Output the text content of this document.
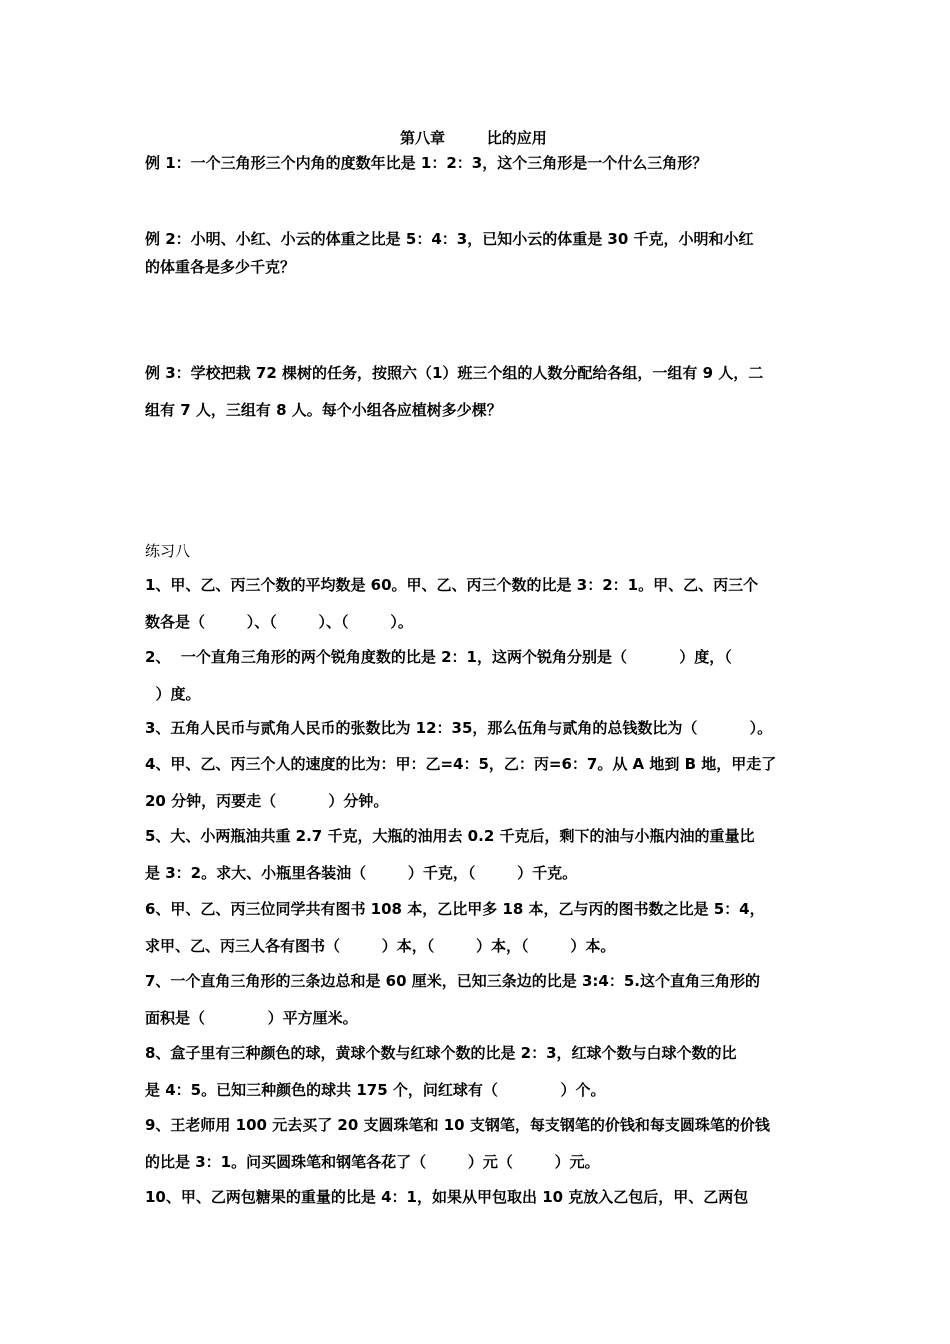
第八章        比的应用
例 1：一个三角形三个内角的度数年比是 1：2：3，这个三角形是一个什么三角形？
例 2：小明、小红、小云的体重之比是 5：4：3，已知小云的体重是 30 千克，小明和小红
的体重各是多少千克？
例 3：学校把栽 72 棵树的任务，按照六（1）班三个组的人数分配给各组，一组有 9 人，二
组有 7 人，三组有 8 人。每个小组各应植树多少棵？
练习八
1、甲、乙、丙三个数的平均数是 60。甲、乙、丙三个数的比是 3：2：1。甲、乙、丙三个
数各是（        ）、（        ）、（        ）。
2、  一个直角三角形的两个锐角度数的比是 2：1，这两个锐角分别是（          ）度，（
）度。
3、五角人民币与贰角人民币的张数比为 12：35，那么伍角与贰角的总钱数比为（          ）。
4、甲、乙、丙三个人的速度的比为：甲：乙=4：5，乙：丙=6：7。从 A 地到 B 地，甲走了
20 分钟，丙要走（          ）分钟。
5、大、小两瓶油共重 2.7 千克，大瓶的油用去 0.2 千克后，剩下的油与小瓶内油的重量比
是 3：2。求大、小瓶里各装油（        ）千克，（        ）千克。
6、甲、乙、丙三位同学共有图书 108 本，乙比甲多 18 本，乙与丙的图书数之比是 5：4，
求甲、乙、丙三人各有图书（        ）本，（        ）本，（        ）本。
7、一个直角三角形的三条边总和是 60 厘米，已知三条边的比是 3:4：5.这个直角三角形的
面积是（            ）平方厘米。
8、盒子里有三种颜色的球，黄球个数与红球个数的比是 2：3，红球个数与白球个数的比
是 4：5。已知三种颜色的球共 175 个，问红球有（            ）个。
9、王老师用 100 元去买了 20 支圆珠笔和 10 支钢笔，每支钢笔的价钱和每支圆珠笔的价钱
的比是 3：1。问买圆珠笔和钢笔各花了（        ）元（        ）元。
10、甲、乙两包糖果的重量的比是 4：1，如果从甲包取出 10 克放入乙包后，甲、乙两包
